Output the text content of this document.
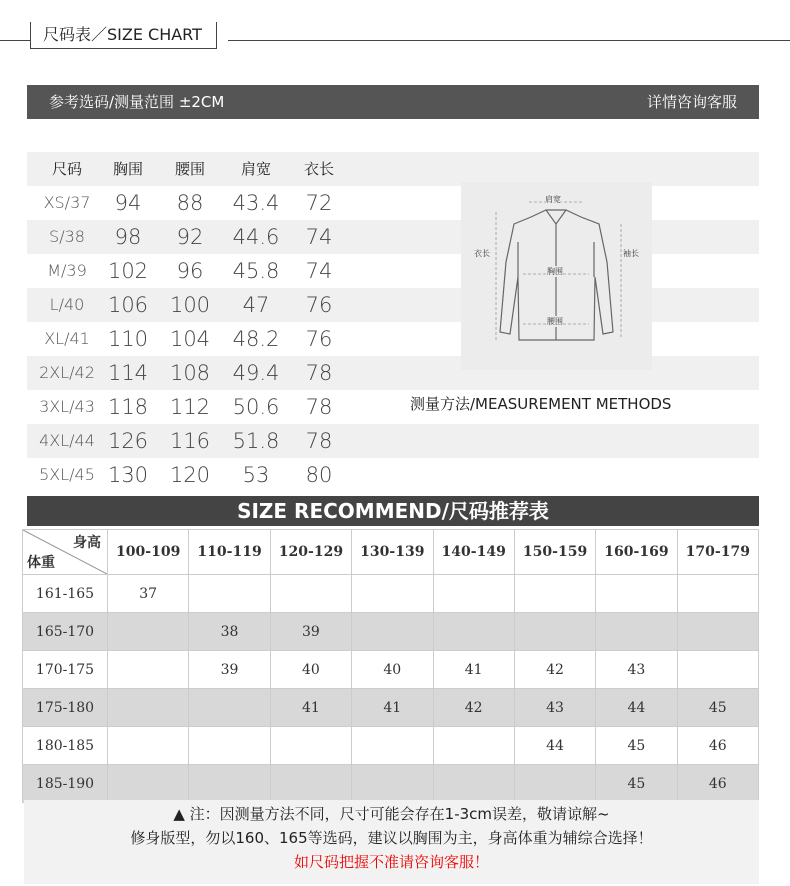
尺码表／SIZE CHART
参考选码/测量范围 ±2CM	详情咨询客服
尺码	胸围	腰围	肩宽	衣长
XS/37	94	88	43.4	72
S/38	98	92	44.6	74
M/39	102	96	45.8	74
L/40	106	100	47	76
XL/41 110	104	48.2	76
2XL/42 114	108	49.4	78
3XL/43 118	112	50.6	78
4XL/44 126	116	51.8	78
5XL/45 130	120	53	80
肩宽
衣长	袖长
胸围
腰围
测量方法/MEASUREMENT METHODS
SIZE RECOMMEND/尺码推荐表
身高
体重	100-109	110-119	120-129	130-139	140-149	150-159	160-169	170-179
161-165	37							
165-170		38	39					
170-175		39	40	40	41	42	43	
175-180			41	41	42	43	44	45
180-185						44	45	46
185-190							45	46
▲ 注：因测量方法不同，尺寸可能会存在1-3cm误差，敬请谅解~
修身版型，勿以160、165等选码，建议以胸围为主，身高体重为辅综合选择！
如尺码把握不准请咨询客服！
